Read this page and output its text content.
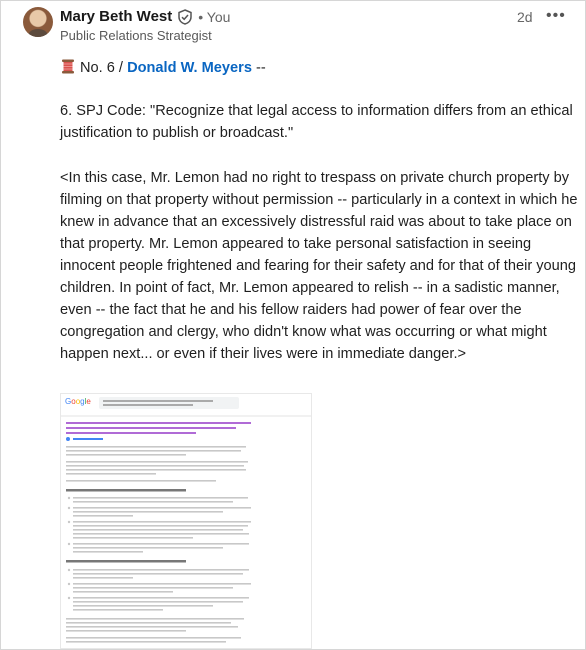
Mary Beth West • You
Public Relations Strategist
2d •••

No. 6 / Donald W. Meyers --

6. SPJ Code: "Recognize that legal access to information differs from an ethical justification to publish or broadcast."

<In this case, Mr. Lemon had no right to trespass on private church property by filming on that property without permission -- particularly in a context in which he knew in advance that an excessively distressful raid was about to take place on that property. Mr. Lemon appeared to take personal satisfaction in seeing innocent people frightened and fearing for their safety and for that of their young children. In point of fact, Mr. Lemon appeared to relish -- in a sadistic manner, even -- the fact that he and his fellow raiders had power of fear over the congregation and clergy, who didn't know what was occurring or what might happen next... or even if their lives were in immediate danger.>

Google
